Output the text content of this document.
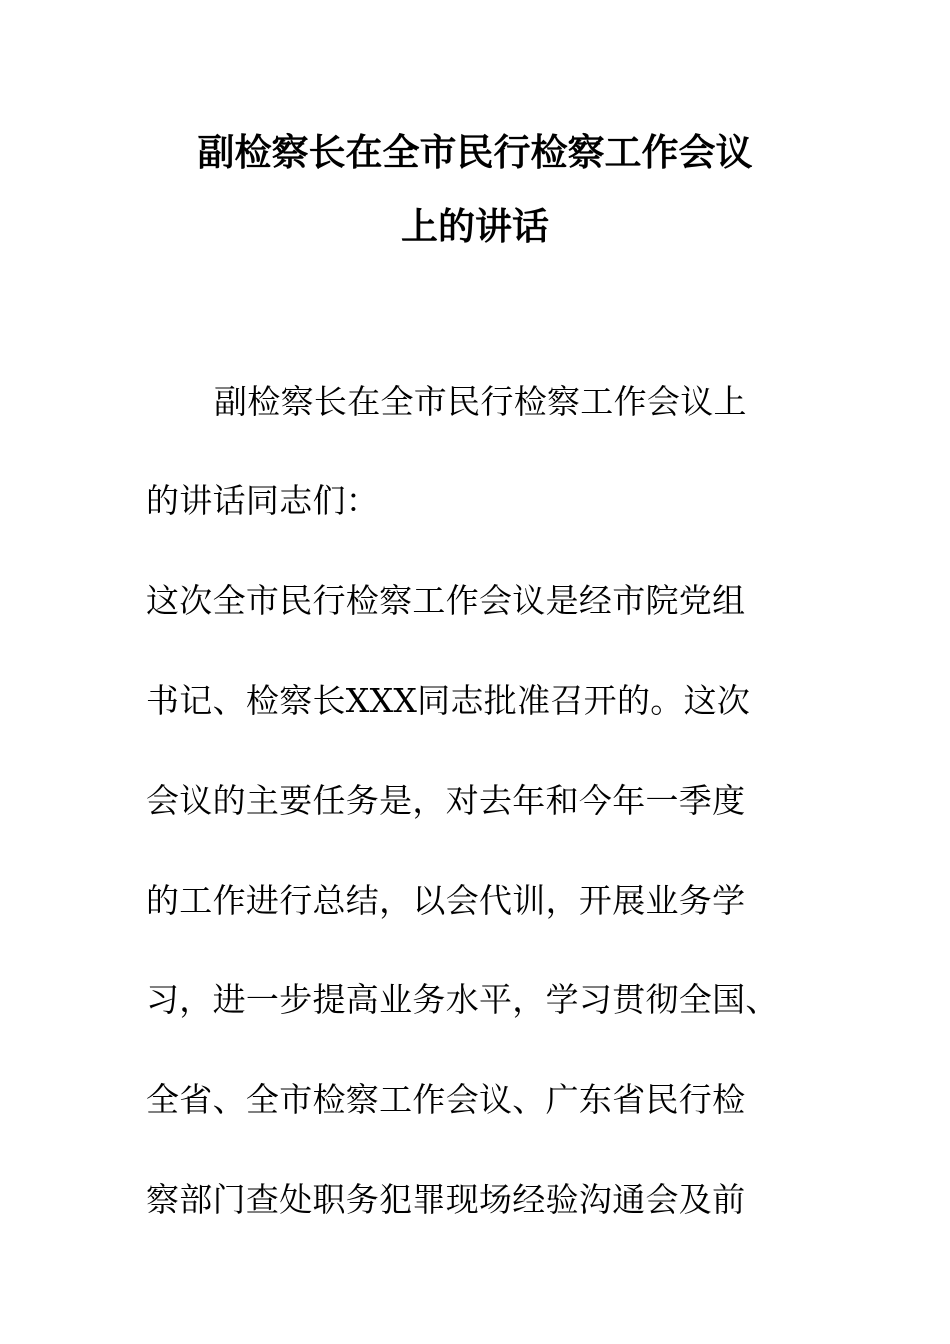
副检察长在全市民行检察工作会议
上的讲话
副检察长在全市民行检察工作会议上
的讲话同志们：
这次全市民行检察工作会议是经市院党组
书记、检察长XXX同志批准召开的。这次
会议的主要任务是，对去年和今年一季度
的工作进行总结，以会代训，开展业务学
习，进一步提高业务水平，学习贯彻全国、
全省、全市检察工作会议、广东省民行检
察部门查处职务犯罪现场经验沟通会及前
